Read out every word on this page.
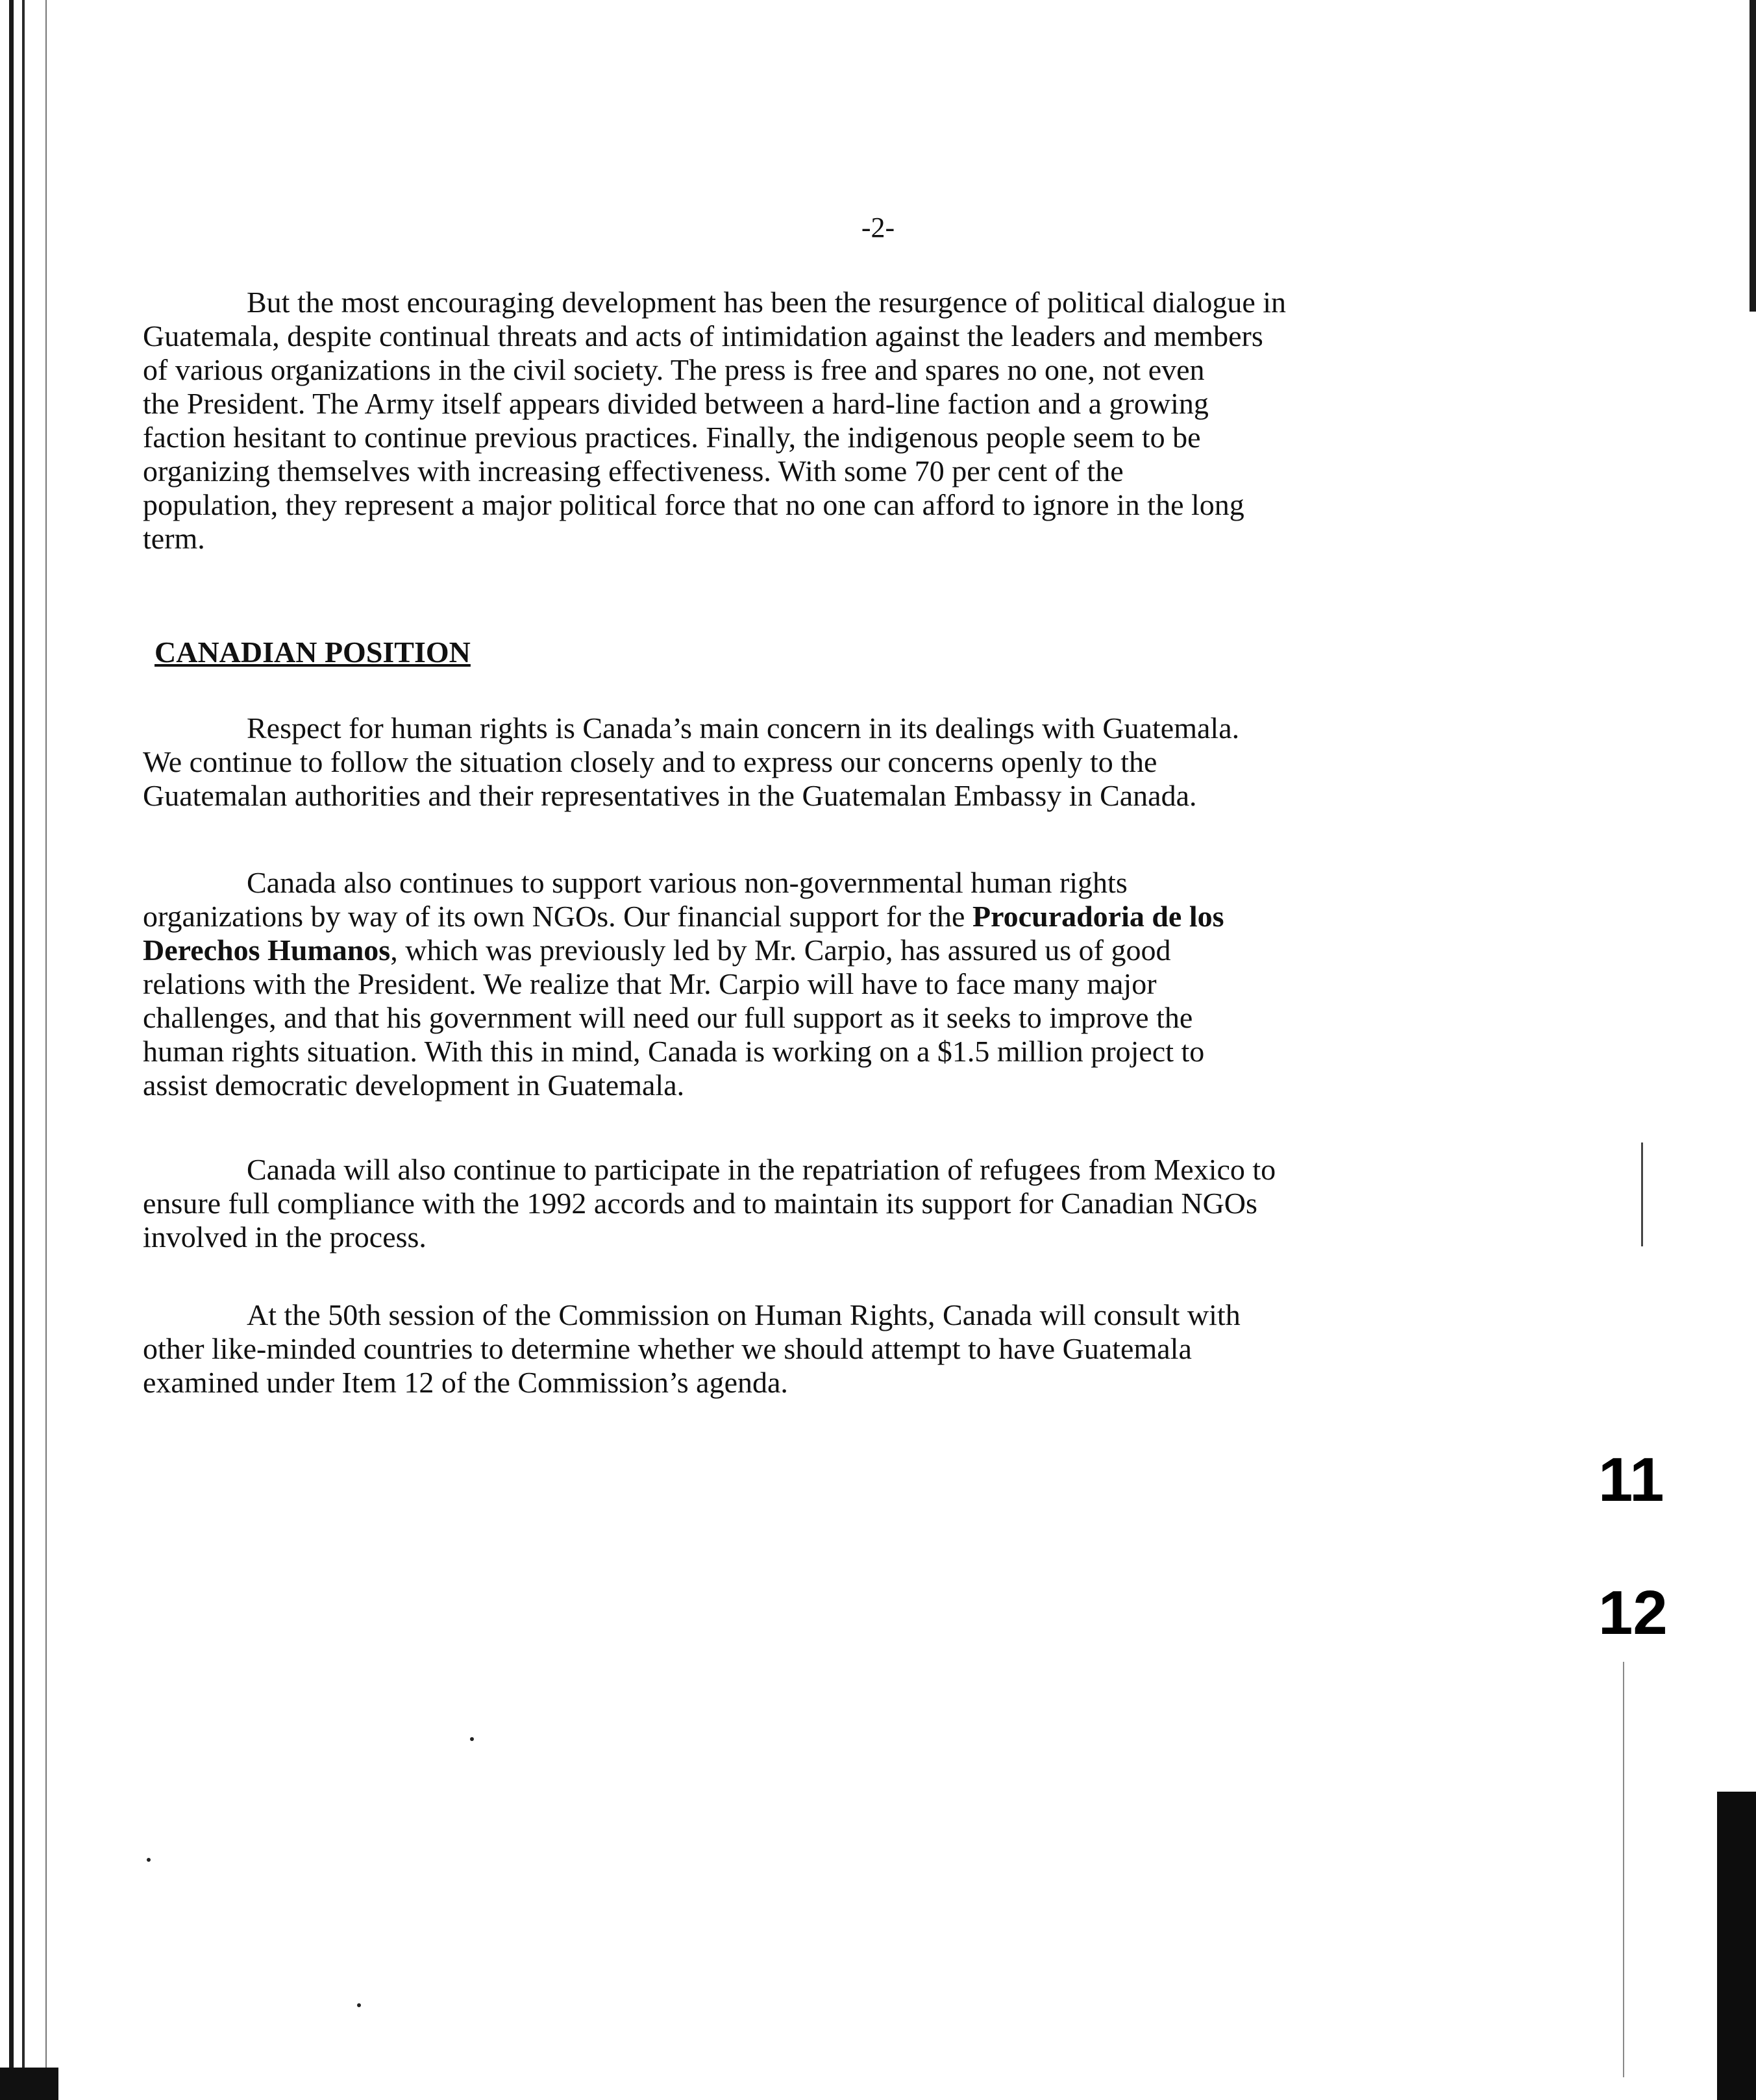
-2-
But the most encouraging development has been the resurgence of political dialogue in
Guatemala, despite continual threats and acts of intimidation against the leaders and members
of various organizations in the civil society. The press is free and spares no one, not even
the President. The Army itself appears divided between a hard-line faction and a growing
faction hesitant to continue previous practices. Finally, the indigenous people seem to be
organizing themselves with increasing effectiveness. With some 70 per cent of the
population, they represent a major political force that no one can afford to ignore in the long
term.
CANADIAN POSITION
Respect for human rights is Canada’s main concern in its dealings with Guatemala.
We continue to follow the situation closely and to express our concerns openly to the
Guatemalan authorities and their representatives in the Guatemalan Embassy in Canada.
Canada also continues to support various non-governmental human rights
organizations by way of its own NGOs. Our financial support for the Procuradoria de los
Derechos Humanos, which was previously led by Mr. Carpio, has assured us of good
relations with the President. We realize that Mr. Carpio will have to face many major
challenges, and that his government will need our full support as it seeks to improve the
human rights situation. With this in mind, Canada is working on a $1.5 million project to
assist democratic development in Guatemala.
Canada will also continue to participate in the repatriation of refugees from Mexico to
ensure full compliance with the 1992 accords and to maintain its support for Canadian NGOs
involved in the process.
At the 50th session of the Commission on Human Rights, Canada will consult with
other like-minded countries to determine whether we should attempt to have Guatemala
examined under Item 12 of the Commission’s agenda.
11
12
